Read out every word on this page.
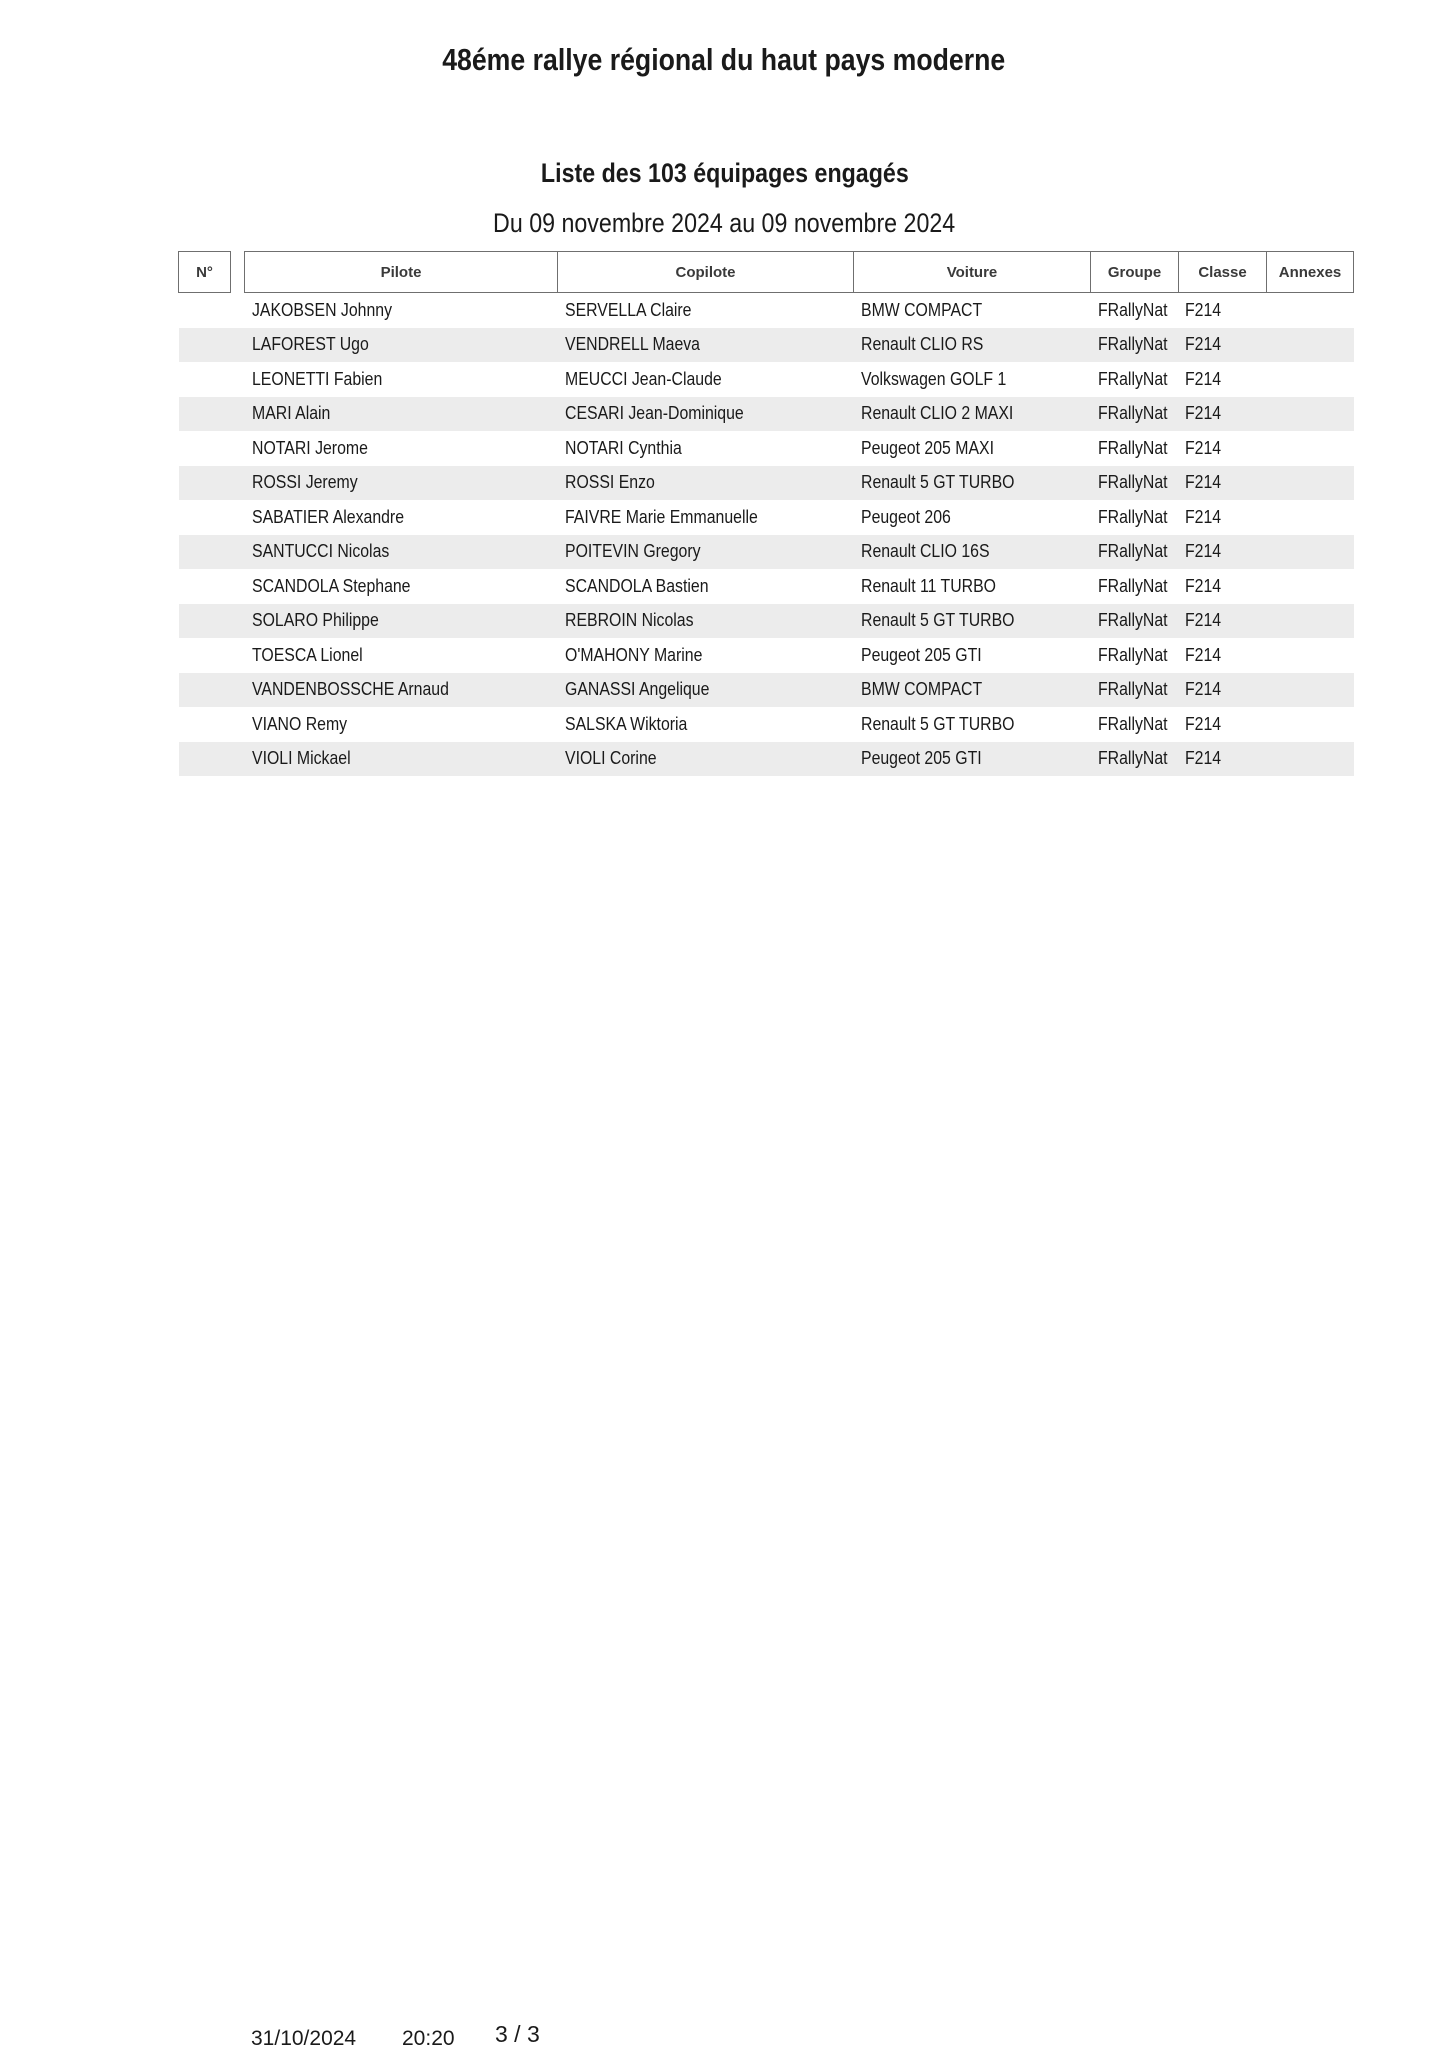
48éme rallye régional du haut pays moderne
Liste des 103 équipages engagés
Du 09 novembre 2024 au 09 novembre 2024
N°		Pilote	Copilote	Voiture	Groupe	Classe	Annexes
		JAKOBSEN Johnny	SERVELLA Claire	BMW COMPACT	FRallyNat	F214	
		LAFOREST Ugo	VENDRELL Maeva	Renault CLIO RS	FRallyNat	F214	
		LEONETTI Fabien	MEUCCI Jean-Claude	Volkswagen GOLF 1	FRallyNat	F214	
		MARI Alain	CESARI Jean-Dominique	Renault CLIO 2 MAXI	FRallyNat	F214	
		NOTARI Jerome	NOTARI Cynthia	Peugeot 205 MAXI	FRallyNat	F214	
		ROSSI Jeremy	ROSSI Enzo	Renault 5 GT TURBO	FRallyNat	F214	
		SABATIER Alexandre	FAIVRE Marie Emmanuelle	Peugeot 206	FRallyNat	F214	
		SANTUCCI Nicolas	POITEVIN Gregory	Renault CLIO 16S	FRallyNat	F214	
		SCANDOLA Stephane	SCANDOLA Bastien	Renault 11 TURBO	FRallyNat	F214	
		SOLARO Philippe	REBROIN Nicolas	Renault 5 GT TURBO	FRallyNat	F214	
		TOESCA Lionel	O'MAHONY Marine	Peugeot 205 GTI	FRallyNat	F214	
		VANDENBOSSCHE Arnaud	GANASSI Angelique	BMW COMPACT	FRallyNat	F214	
		VIANO Remy	SALSKA Wiktoria	Renault 5 GT TURBO	FRallyNat	F214	
		VIOLI Mickael	VIOLI Corine	Peugeot 205 GTI	FRallyNat	F214	
31/10/2024 20:20 3 / 3
